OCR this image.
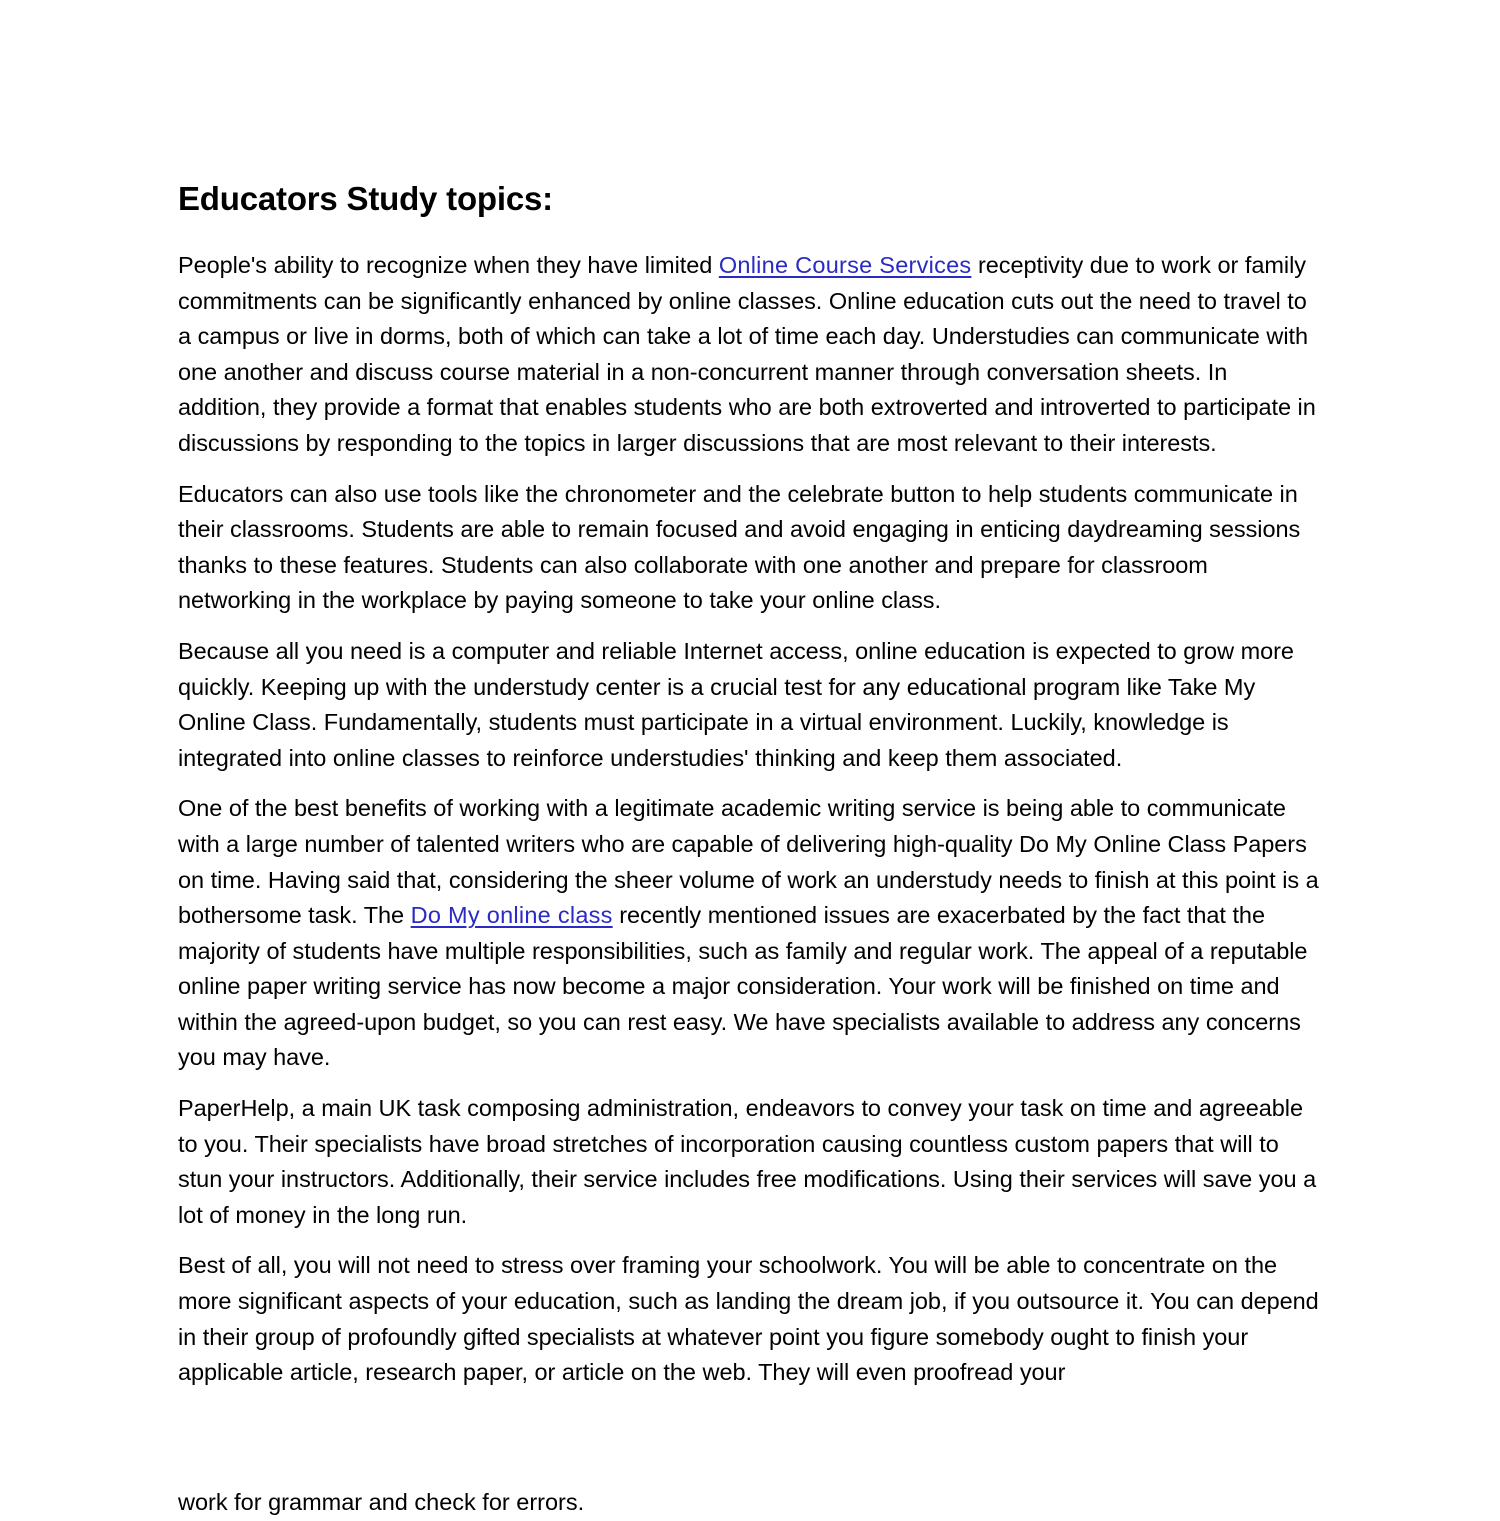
Educators Study topics:

People's ability to recognize when they have limited Online Course Services receptivity due to work or family commitments can be significantly enhanced by online classes. Online education cuts out the need to travel to a campus or live in dorms, both of which can take a lot of time each day. Understudies can communicate with one another and discuss course material in a non-concurrent manner through conversation sheets. In addition, they provide a format that enables students who are both extroverted and introverted to participate in discussions by responding to the topics in larger discussions that are most relevant to their interests.

Educators can also use tools like the chronometer and the celebrate button to help students communicate in their classrooms. Students are able to remain focused and avoid engaging in enticing daydreaming sessions thanks to these features. Students can also collaborate with one another and prepare for classroom networking in the workplace by paying someone to take your online class.

Because all you need is a computer and reliable Internet access, online education is expected to grow more quickly. Keeping up with the understudy center is a crucial test for any educational program like Take My Online Class. Fundamentally, students must participate in a virtual environment. Luckily, knowledge is integrated into online classes to reinforce understudies' thinking and keep them associated.

One of the best benefits of working with a legitimate academic writing service is being able to communicate with a large number of talented writers who are capable of delivering high-quality Do My Online Class Papers on time. Having said that, considering the sheer volume of work an understudy needs to finish at this point is a bothersome task. The Do My online class recently mentioned issues are exacerbated by the fact that the majority of students have multiple responsibilities, such as family and regular work. The appeal of a reputable online paper writing service has now become a major consideration. Your work will be finished on time and within the agreed-upon budget, so you can rest easy. We have specialists available to address any concerns you may have.

PaperHelp, a main UK task composing administration, endeavors to convey your task on time and agreeable to you. Their specialists have broad stretches of incorporation causing countless custom papers that will to stun your instructors. Additionally, their service includes free modifications. Using their services will save you a lot of money in the long run.

Best of all, you will not need to stress over framing your schoolwork. You will be able to concentrate on the more significant aspects of your education, such as landing the dream job, if you outsource it. You can depend in their group of profoundly gifted specialists at whatever point you figure somebody ought to finish your applicable article, research paper, or article on the web. They will even proofread your

work for grammar and check for errors.
